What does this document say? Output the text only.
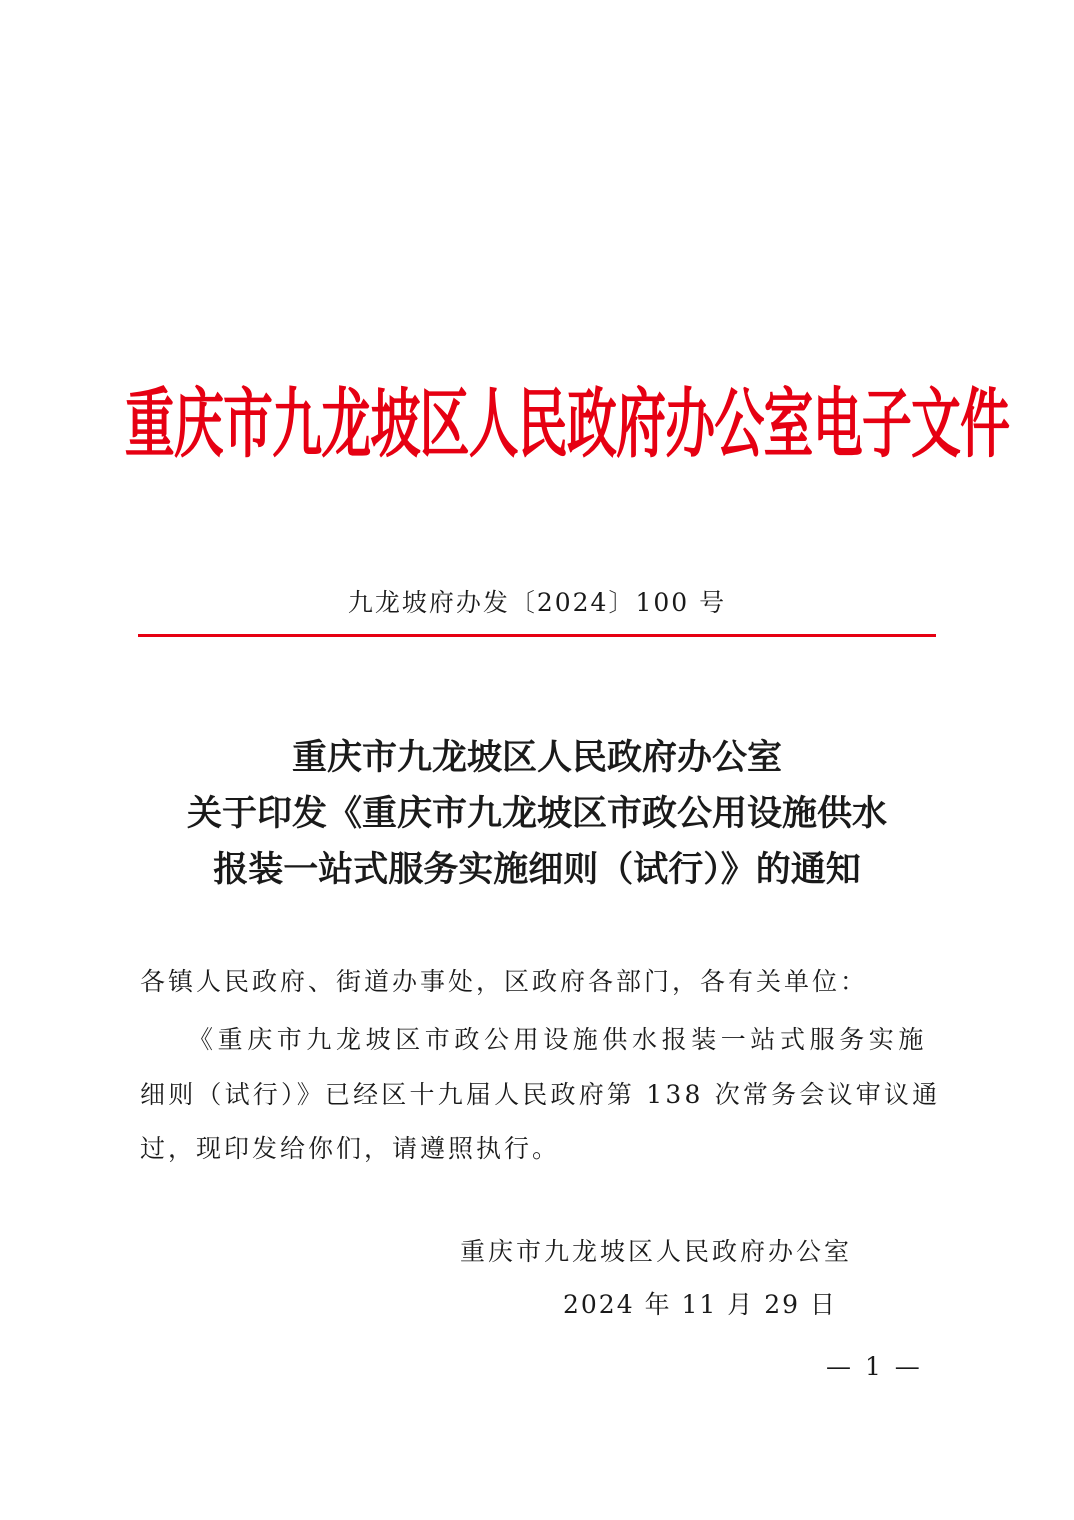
重庆市九龙坡区人民政府办公室电子文件
九龙坡府办发〔2024〕100 号
重庆市九龙坡区人民政府办公室
关于印发《重庆市九龙坡区市政公用设施供水
报装一站式服务实施细则（试行）》的通知
各镇人民政府、街道办事处，区政府各部门，各有关单位：
《重庆市九龙坡区市政公用设施供水报装一站式服务实施
细则（试行）》已经区十九届人民政府第 138 次常务会议审议通
过，现印发给你们，请遵照执行。
重庆市九龙坡区人民政府办公室
2024 年 11 月 29 日
— 1 —
